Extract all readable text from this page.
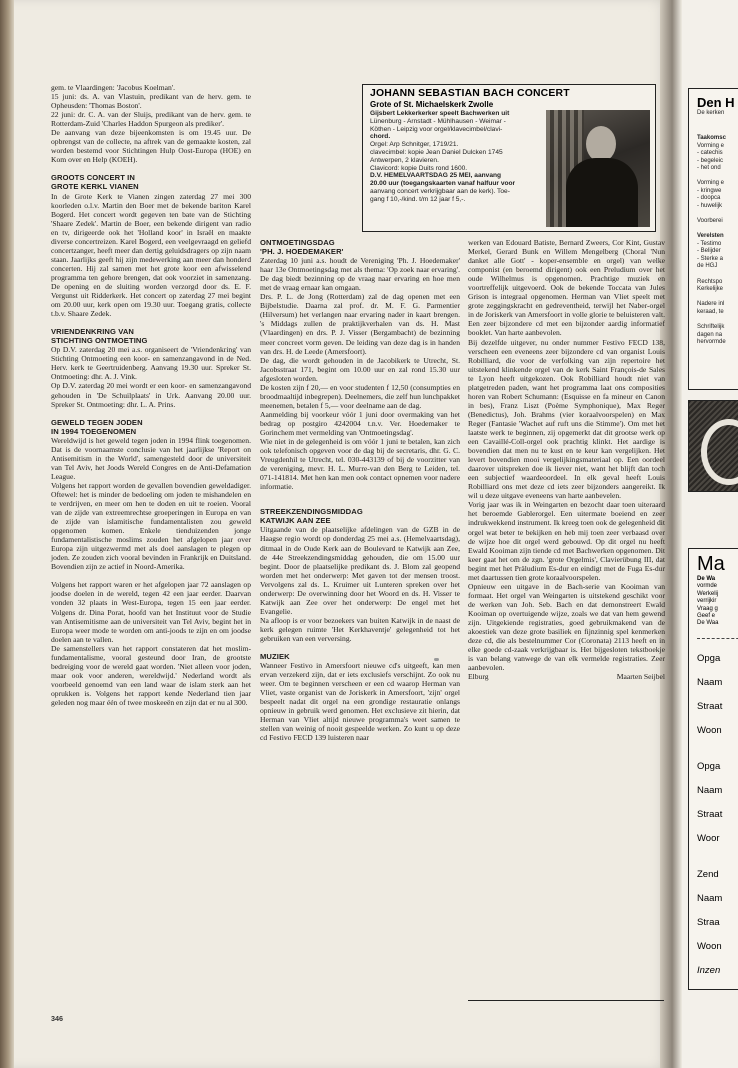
gem. te Vlaardingen: 'Jacobus Koelman'.

15 juni: ds. A. van Vlastuin, predikant van de herv. gem. te Opheusden: 'Thomas Boston'.

22 juni: dr. C. A. van der Sluijs, predikant van de herv. gem. te Rotterdam-Zuid 'Charles Haddon Spurgeon als prediker'.

De aanvang van deze bijeenkomsten is om 19.45 uur. De opbrengst van de collecte, na aftrek van de gemaakte kosten, zal worden bestemd voor Stichtingen Hulp Oost-Europa (HOE) en Kom over en Help (KOEH).

GROOTS CONCERT IN
GROTE KERKL VIANEN

In de Grote Kerk te Vianen zingen zaterdag 27 mei 300 koorleden o.l.v. Martin den Boer met de bekende bariton Karel Bogerd. Het concert wordt gegeven ten bate van de Stichting 'Shaare Zedek'. Martin de Boer, een bekende dirigent van radio en tv, dirigeerde ook het 'Holland koor' in Israël en maakte diverse concertreizen. Karel Bogerd, een veelgevraagd en geliefd concertzanger, heeft meer dan dertig geluidsdragers op zijn naam staan. Jaarlijks geeft hij zijn medewerking aan meer dan honderd concerten. Hij zal samen met het grote koor een afwisselend programma ten gehore brengen, dat ook voorziet in samenzang. De opening en de sluiting worden verzorgd door ds. E. F. Vergunst uit Ridderkerk. Het concert op zaterdag 27 mei begint om 20.00 uur, kerk open om 19.30 uur. Toegang gratis, collecte t.b.v. Shaare Zedek.

VRIENDENKRING VAN
STICHTING ONTMOETING

Op D.V. zaterdag 20 mei a.s. organiseert de 'Vriendenkring' van Stichting Ontmoeting een koor- en samenzangavond in de Ned. Herv. kerk te Geertruidenberg. Aanvang 19.30 uur. Spreker St. Ontmoeting: dhr. A. J. Vink.

Op D.V. zaterdag 20 mei wordt er een koor- en samenzangavond gehouden in 'De Schuilplaats' in Urk. Aanvang 20.00 uur. Spreker St. Ontmoeting: dhr. L. A. Prins.

GEWELD TEGEN JODEN
IN 1994 TOEGENOMEN

Wereldwijd is het geweld tegen joden in 1994 flink toegenomen. Dat is de voornaamste conclusie van het jaarlijkse 'Report on Antisemitism in the World', samengesteld door de universiteit van Tel Aviv, het Joods Wereld Congres en de Anti-Defamation League.

Volgens het rapport worden de gevallen bovendien geweldadiger. Oftewel: het is minder de bedoeling om joden te mishandelen en te verdrijven, en meer om hen te doden en uit te roeien. Vooral van de zijde van extreemrechtse groeperingen in Europa en van de zijde van islamitische fundamentalisten zou geweld opgenomen komen. Enkele tienduizenden jonge fundamentalistische moslims zouden het afgelopen jaar over Europa zijn uitgezwermd met als doel aanslagen te plegen op joden. Ze zouden zich vooral bevinden in Frankrijk en Duitsland. Bovendien zijn ze actief in Noord-Amerika.

Volgens het rapport waren er het afgelopen jaar 72 aanslagen op joodse doelen in de wereld, tegen 42 een jaar eerder. Daarvan vonden 32 plaats in West-Europa, tegen 15 een jaar eerder. Volgens dr. Dina Porat, hoofd van het Instituut voor de Studie van Antisemitisme aan de universiteit van Tel Aviv, begint het in Europa weer mode te worden om anti-joods te zijn en om joodse doelen aan te vallen.

De samenstellers van het rapport constateren dat het moslim-fundamentalisme, vooral gesteund door Iran, de grootste bedreiging voor de wereld gaat worden. 'Niet alleen voor joden, maar ook voor anderen, wereldwijd.' Nederland wordt als voorbeeld genoemd van een land waar de islam sterk aan het oprukken is. Volgens het rapport kende Nederland tien jaar geleden nog maar één of twee moskeeën en zijn dat er nu al 300.

JOHANN SEBASTIAN BACH CONCERT
Grote of St. Michaelskerk Zwolle
Gijsbert Lekkerkerker speelt Bachwerken uit
Lünenburg - Arnstadt - Mühlhausen - Weimar -
Köthen - Leipzig voor orgel/klavecimbel/clavi-
chord.
Orgel: Arp Schnitger, 1719/21.
clavecimbel: kopie Jean Daniel Dulcken 1745
Antwerpen, 2 klavieren.
Clavicord: kopie Duits rond 1600.
D.V. HEMELVAARTSDAG 25 MEI, aanvang
20.00 uur (toegangskaarten vanaf halfuur voor
aanvang concert verkrijgbaar aan de kerk). Toe-
gang f 10,-/kind. t/m 12 jaar f 5,-.
ONTMOETINGSDAG
'PH. J. HOEDEMAKER'

Zaterdag 10 juni a.s. houdt de Vereniging 'Ph. J. Hoedemaker' haar 13e Ontmoetingsdag met als thema: 'Op zoek naar ervaring'. De dag biedt bezinning op de vraag naar ervaring en hoe men met de vraag ernaar kan omgaan.

Drs. P. L. de Jong (Rotterdam) zal de dag openen met een Bijbelstudie. Daarna zal prof. dr. M. F. G. Parmentier (Hilversum) het verlangen naar ervaring nader in kaart brengen. 's Middags zullen de praktijkverhalen van ds. H. Mast (Vlaardingen) en drs. P. J. Visser (Bergambacht) de bezinning meer concreet vorm geven. De leiding van deze dag is in handen van drs. H. de Leede (Amersfoort).

De dag, die wordt gehouden in de Jacobikerk te Utrecht, St. Jacobsstraat 171, begint om 10.00 uur en zal rond 15.30 uur afgesloten worden.

De kosten zijn f 20,— en voor studenten f 12,50 (consumpties en broodmaaltijd inbegrepen). Deelnemers, die zelf hun lunchpakket meenemen, betalen f 5,— voor deelname aan de dag.

Aanmelding bij voorkeur vóór 1 juni door overmaking van het bedrag op postgiro 4242004 t.n.v. Ver. Hoedemaker te Gorinchem met vermelding van 'Ontmoetingsdag'.

Wie niet in de gelegenheid is om vóór 1 juni te betalen, kan zich ook telefonisch opgeven voor de dag bij de secretaris, dhr. G. C. Vreugdenhil te Utrecht, tel. 030-443139 of bij de voorzitter van de vereniging, mevr. H. L. Murre-van den Berg te Leiden, tel. 071-141814. Met hen kan men ook contact opnemen voor nadere informatie.

STREEKZENDINGSMIDDAG
KATWIJK AAN ZEE

Uitgaande van de plaatselijke afdelingen van de GZB in de Haagse regio wordt op donderdag 25 mei a.s. (Hemelvaartsdag), ditmaal in de Oude Kerk aan de Boulevard te Katwijk aan Zee, de 44e Streekzendingsmiddag gehouden, die om 15.00 uur begint. Door de plaatselijke predikant ds. J. Blom zal geopend worden met het onderwerp: Met gaven tot der mensen troost. Vervolgens zal ds. L. Kruimer uit Lunteren spreken over het onderwerp: De overwinning door het Woord en ds. H. Visser te Katwijk aan Zee over het onderwerp: De engel met het Evangelie.

Na afloop is er voor bezoekers van buiten Katwijk in de naast de kerk gelegen ruimte 'Het Kerkhaventje' gelegenheid tot het gebruiken van een verversing.

MUZIEK

Wanneer Festivo in Amersfoort nieuwe cd's uitgeeft, kan men ervan verzekerd zijn, dat er iets exclusiefs verschijnt. Zo ook nu weer. Om te beginnen verscheen er een cd waarop Herman van Vliet, vaste organist van de Joriskerk in Amersfoort, 'zijn' orgel bespeelt nadat dit orgel na een grondige restauratie onlangs opnieuw in gebruik werd genomen. Het exclusieve zit hierin, dat Herman van Vliet altijd nieuwe programma's weet samen te stellen van weinig of nooit gespeelde werken. Zo kunt u op deze cd Festivo FECD 139 luisteren naar

werken van Edouard Batiste, Bernard Zweers, Cor Kint, Gustav Merkel, Gerard Bunk en Willem Mengelberg (Choral 'Nun danket alle Gott' - koper-ensemble en orgel) van welke componist (en beroemd dirigent) ook een Preludium over het oude Wilhelmus is opgenomen. Prachtige muziek en voortreffelijk uitgevoerd. Ook de bekende Toccata van Jules Grison is integraal opgenomen. Herman van Vliet speelt met grote zeggingskracht en gedreventheid, terwijl het Naber-orgel in de Joriskerk van Amersfoort in volle glorie te beluisteren valt. Een zeer bijzondere cd met een bijzonder aardig informatief booklet. Van harte aanbevolen.

Bij dezelfde uitgever, nu onder nummer Festivo FECD 138, verscheen een eveneens zeer bijzondere cd van organist Louis Robilliard, die voor de verfolking van zijn repertoire het uitstekend klinkende orgel van de kerk Saint François-de Sales te Lyon heeft uitgekozen. Ook Robilliard houdt niet van platgetreden paden, want het programma laat ons composities horen van Robert Schumann: (Esquisse en fa mineur en Canon in bes), Franz Liszt (Poème Symphonique), Max Reger (Benedictus), Joh. Brahms (vier koraalvoorspelen) en Max Reger (Fantasie 'Wachet auf ruft uns die Stimme'). Om met het laatste werk te beginnen, zij opgemerkt dat dit grootse werk op een Cavaillé-Coll-orgel ook prachtig klinkt. Het aardige is bovendien dat men nu te kust en te keur kan vergelijken. Het levert bovendien mooi vergelijkingsmateriaal op. Een oordeel daarover uitspreken doe ik liever niet, want het blijft dan toch een subjectief waardeoordeel. In elk geval heeft Louis Robilliard ons met deze cd iets zeer bijzonders aangereikt. Ik wil u deze uitgave eveneens van harte aanbevelen.

Vorig jaar was ik in Weingarten en bezocht daar toen uiteraard het beroemde Gablerorgel. Een uitermate boeiend en zeer indrukwekkend instrument. Ik kreeg toen ook de gelegenheid dit orgel wat beter te bekijken en heb mij toen zeer verbaasd over de wijze hoe dit orgel werd gebouwd. Op dit orgel nu heeft Ewald Kooiman zijn tiende cd met Bachwerken opgenomen. Dit keer gaat het om de zgn. 'grote Orgelmis', Clavierübung III, dat begint met het Präludium Es-dur en eindigt met de Fuga Es-dur met daartussen tien grote koraalvoorspelen.

Opnieuw een uitgave in de Bach-serie van Kooiman van formaat. Het orgel van Weingarten is uitstekend geschikt voor de werken van Joh. Seb. Bach en dat demonstreert Ewald Kooiman op overtuigende wijze, zoals we dat van hem gewend zijn. Uitgekiende registraties, goed gebruikmakend van de akoestiek van deze grote basiliek en fijnzinnig spel kenmerken deze cd, die als bestelnummer Cor (Coronata) 2113 heeft en in elke goede cd-zaak verkrijgbaar is. Het bijgesloten tekstboekje is van belang vanwege de van elk vermelde registraties. Zeer aanbevolen.

Elburg	Maarten Seijbel
346
Den H
De kerken
Taakomsc
Vorming e
- catechis
- begeleic
- het ond
Vorming e
- kringwe
- doopca
- huwelijk
Voorberei
Verelsten
- Testimo
- Belijder
- Sterke a
de HGJ
Rechtspo
Kerkelijke
Nadere inl
keraad, te
Schriftelijk
dagen na
hervormde
Ma
De Wa
vormde
Werkelij
verrijkir
Vraag g
Geef e
De Waa
Opga
Naam
Straat
Woon
Opga
Naam
Straat
Woor
Zend
Naam
Straa
Woon
Inzen
